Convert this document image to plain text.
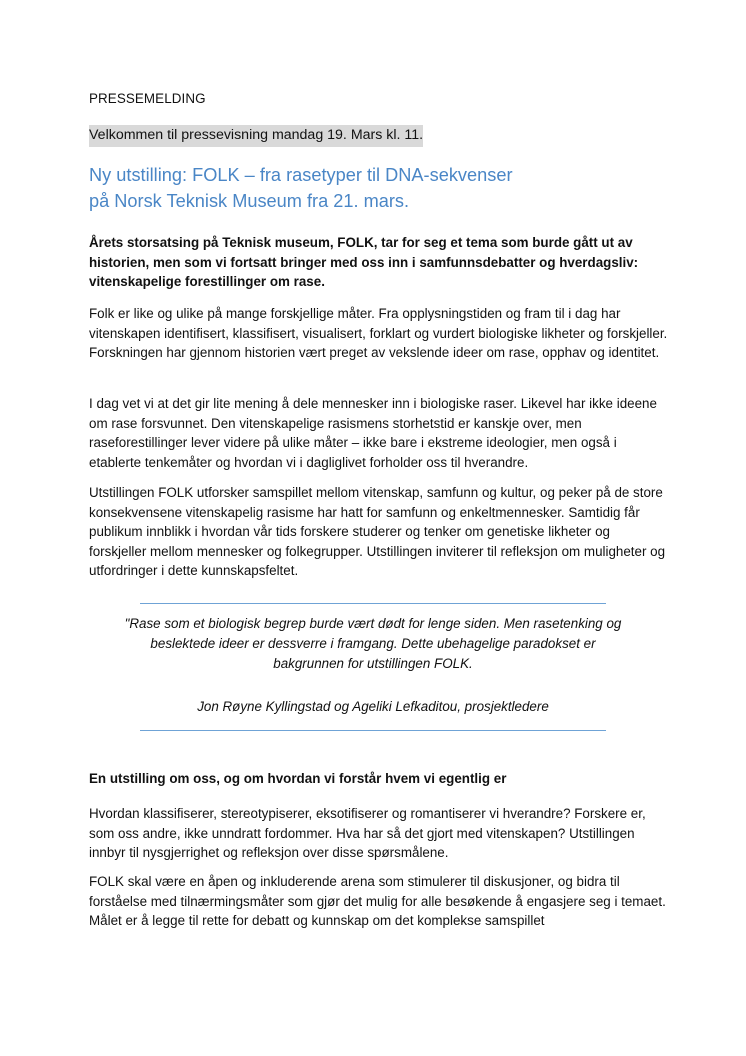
PRESSEMELDING
Velkommen til pressevisning mandag 19. Mars kl. 11.
Ny utstilling: FOLK – fra rasetyper til DNA-sekvenser
på Norsk Teknisk Museum fra 21. mars.

Årets storsatsing på Teknisk museum, FOLK, tar for seg et tema som burde gått ut av historien, men som vi fortsatt bringer med oss inn i samfunnsdebatter og hverdagsliv: vitenskapelige forestillinger om rase.

Folk er like og ulike på mange forskjellige måter. Fra opplysningstiden og fram til i dag har vitenskapen identifisert, klassifisert, visualisert, forklart og vurdert biologiske likheter og forskjeller. Forskningen har gjennom historien vært preget av vekslende ideer om rase, opphav og identitet.

I dag vet vi at det gir lite mening å dele mennesker inn i biologiske raser. Likevel har ikke ideene om rase forsvunnet. Den vitenskapelige rasismens storhetstid er kanskje over, men raseforestillinger lever videre på ulike måter – ikke bare i ekstreme ideologier, men også i etablerte tenkemåter og hvordan vi i dagliglivet forholder oss til hverandre.

Utstillingen FOLK utforsker samspillet mellom vitenskap, samfunn og kultur, og peker på de store konsekvensene vitenskapelig rasisme har hatt for samfunn og enkeltmennesker. Samtidig får publikum innblikk i hvordan vår tids forskere studerer og tenker om genetiske likheter og forskjeller mellom mennesker og folkegrupper. Utstillingen inviterer til refleksjon om muligheter og utfordringer i dette kunnskapsfeltet.

"Rase som et biologisk begrep burde vært dødt for lenge siden. Men rasetenking og beslektede ideer er dessverre i framgang. Dette ubehagelige paradokset er bakgrunnen for utstillingen FOLK.

Jon Røyne Kyllingstad og Ageliki Lefkaditou, prosjektledere

En utstilling om oss, og om hvordan vi forstår hvem vi egentlig er

Hvordan klassifiserer, stereotypiserer, eksotifiserer og romantiserer vi hverandre? Forskere er, som oss andre, ikke unndratt fordommer. Hva har så det gjort med vitenskapen? Utstillingen innbyr til nysgjerrighet og refleksjon over disse spørsmålene.

FOLK skal være en åpen og inkluderende arena som stimulerer til diskusjoner, og bidra til forståelse med tilnærmingsmåter som gjør det mulig for alle besøkende å engasjere seg i temaet. Målet er å legge til rette for debatt og kunnskap om det komplekse samspillet
